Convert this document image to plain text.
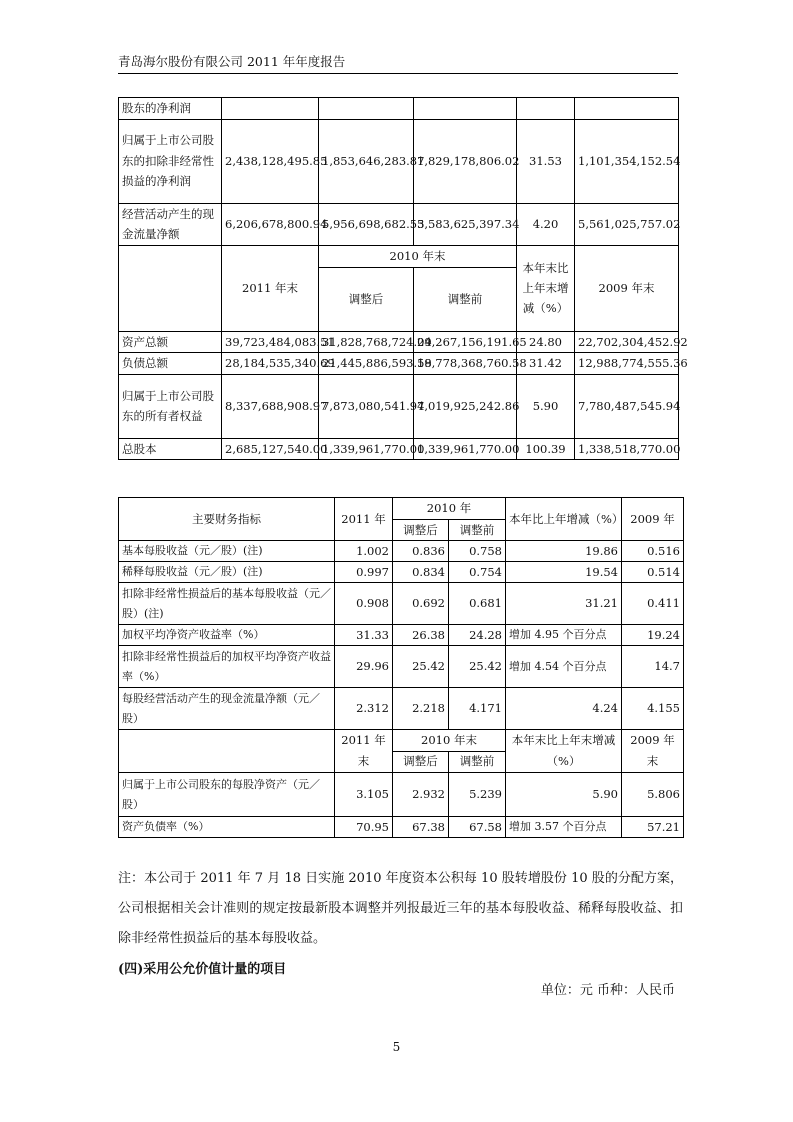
青岛海尔股份有限公司 2011 年年度报告
股东的净利润					
归属于上市公司股东的扣除非经常性损益的净利润	2,438,128,495.85	1,853,646,283.87	1,829,178,806.02	31.53	1,101,354,152.54
经营活动产生的现金流量净额	6,206,678,800.94	5,956,698,682.53	5,583,625,397.34	4.20	5,561,025,757.02
	2011 年末	2010 年末		本年末比上年末增减（%）	2009 年末
		调整后	调整前		
资产总额	39,723,484,083.51	31,828,768,724.04	29,267,156,191.65	24.80	22,702,304,452.92
负债总额	28,184,535,340.69	21,445,886,593.58	19,778,368,760.58	31.42	12,988,774,555.36
归属于上市公司股东的所有者权益	8,337,688,908.97	7,873,080,541.94	7,019,925,242.86	5.90	7,780,487,545.94
总股本	2,685,127,540.00	1,339,961,770.00	1,339,961,770.00	100.39	1,338,518,770.00
主要财务指标	2011 年	2010 年		本年比上年增减（%）	2009 年
		调整后	调整前		
基本每股收益（元／股）(注)	1.002	0.836	0.758	19.86	0.516
稀释每股收益（元／股）(注)	0.997	0.834	0.754	19.54	0.514
扣除非经常性损益后的基本每股收益（元／股）(注)	0.908	0.692	0.681	31.21	0.411
加权平均净资产收益率（%）	31.33	26.38	24.28	增加 4.95 个百分点	19.24
扣除非经常性损益后的加权平均净资产收益率（%）	29.96	25.42	25.42	增加 4.54 个百分点	14.7
每股经营活动产生的现金流量净额（元／股）	2.312	2.218	4.171	4.24	4.155
	2011 年末	2010 年末		本年末比上年末增减（%）	2009 年末
		调整后	调整前		
归属于上市公司股东的每股净资产（元／股）	3.105	2.932	5.239	5.90	5.806
资产负债率（%）	70.95	67.38	67.58	增加 3.57 个百分点	57.21
注：本公司于 2011 年 7 月 18 日实施 2010 年度资本公积每 10 股转增股份 10 股的分配方案，公司根据相关会计准则的规定按最新股本调整并列报最近三年的基本每股收益、稀释每股收益、扣除非经常性损益后的基本每股收益。
(四)采用公允价值计量的项目
单位：元 币种：人民币
5
